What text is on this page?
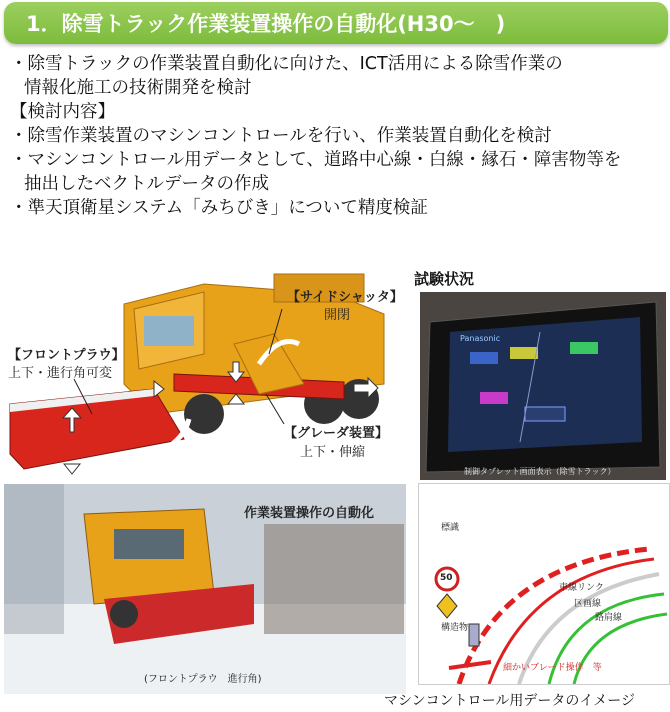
1．除雪トラック作業装置操作の自動化(H30～　)
・除雪トラックの作業装置自動化に向けた、ICT活用による除雪作業の
情報化施工の技術開発を検討
【検討内容】
・除雪作業装置のマシンコントロールを行い、作業装置自動化を検討
・マシンコントロール用データとして、道路中心線・白線・縁石・障害物等を
抽出したベクトルデータの作成
・準天頂衛星システム「みちびき」について精度検証
【サイドシャッタ】
開閉
【フロントプラウ】
上下・進行角可変
【グレーダ装置】
上下・伸縮
試験状況
制御タブレット画面表示（除雪トラック）
Panasonic
作業装置操作の自動化
(フロントプラウ　進行角)
標識
車線リンク
区画線
路肩線
構造物
細かいブレード操作　等
50
マシンコントロール用データのイメージ
